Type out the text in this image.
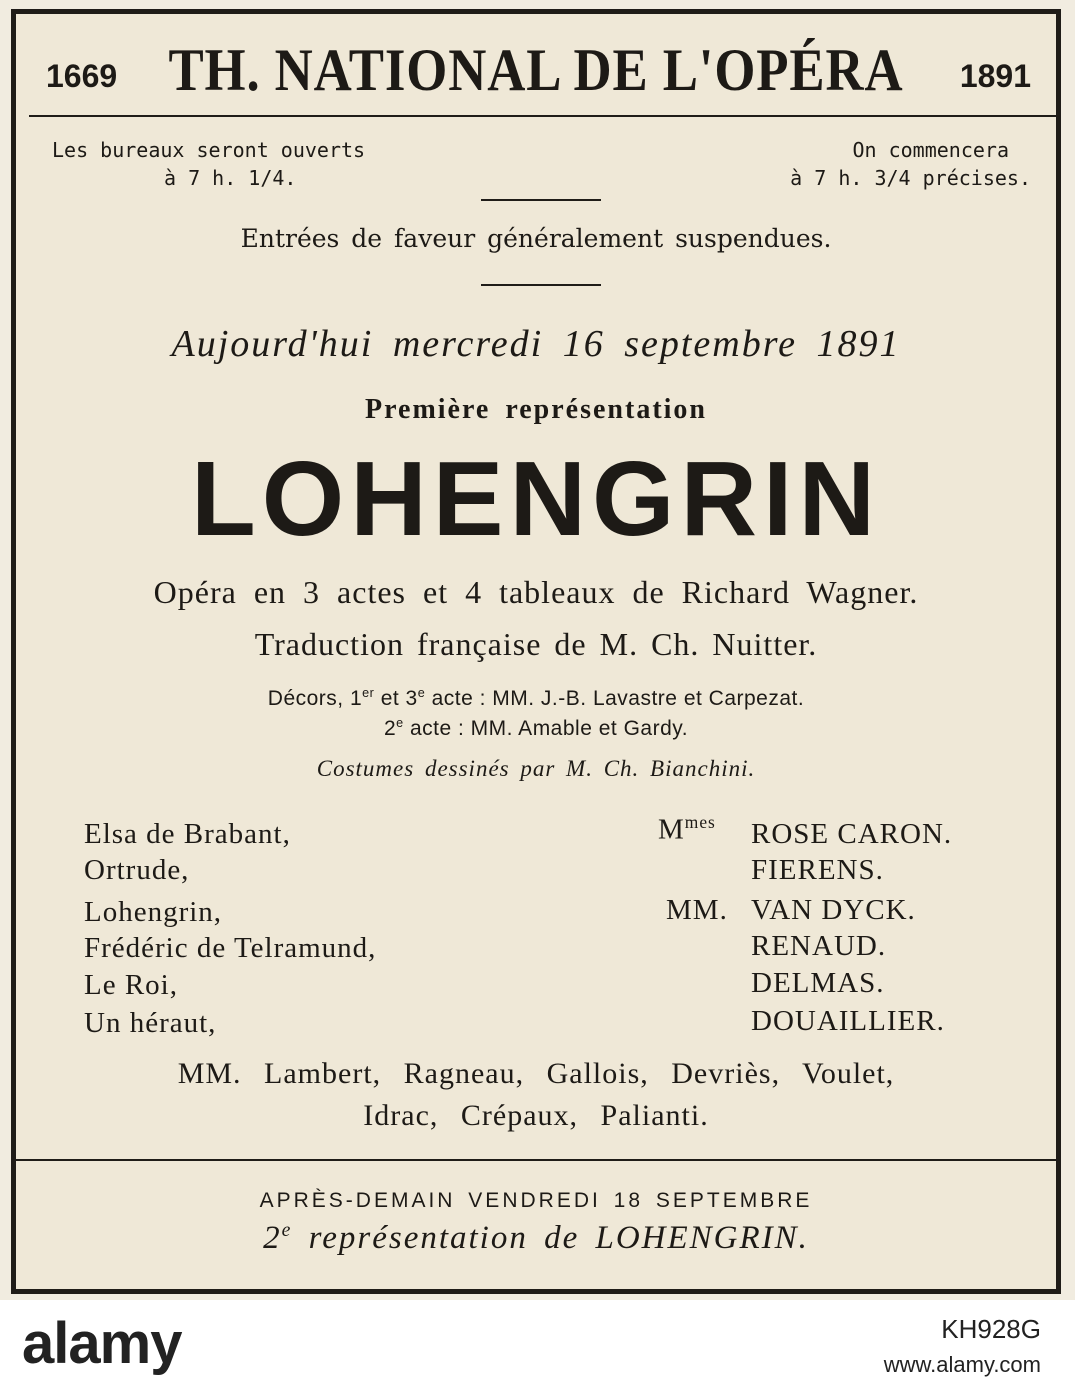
1669 TH. NATIONAL DE L'OPÉRA	1891
Les bureaux seront ouverts
à 7 h. 1/4.
On commencera
à 7 h. 3/4 précises.
Entrées de faveur généralement suspendues.
Aujourd'hui mercredi 16 septembre 1891
Première représentation
LOHENGRIN
Opéra en 3 actes et 4 tableaux de Richard Wagner.
Traduction française de M. Ch. Nuitter.
Décors, 1er et 3e acte : MM. J.-B. Lavastre et Carpezat.
2e acte : MM. Amable et Gardy.
Costumes dessinés par M. Ch. Bianchini.
$M^{mes}$
Elsa de Brabant,	ROSE CARON.
Ortrude,	FIERENS.
MM.
Lohengrin,	VAN DYCK.
Frédéric de Telramund,	RENAUD.
Le Roi,	DELMAS.
Un héraut,	DOUAILLIER.
MM. Lambert, Ragneau, Gallois, Devriès, Voulet,
Idrac, Crépaux, Palianti.
APRÈS-DEMAIN VENDREDI 18 SEPTEMBRE
2e représentation de LOHENGRIN.
alamy	KH928G
www.alamy.com
